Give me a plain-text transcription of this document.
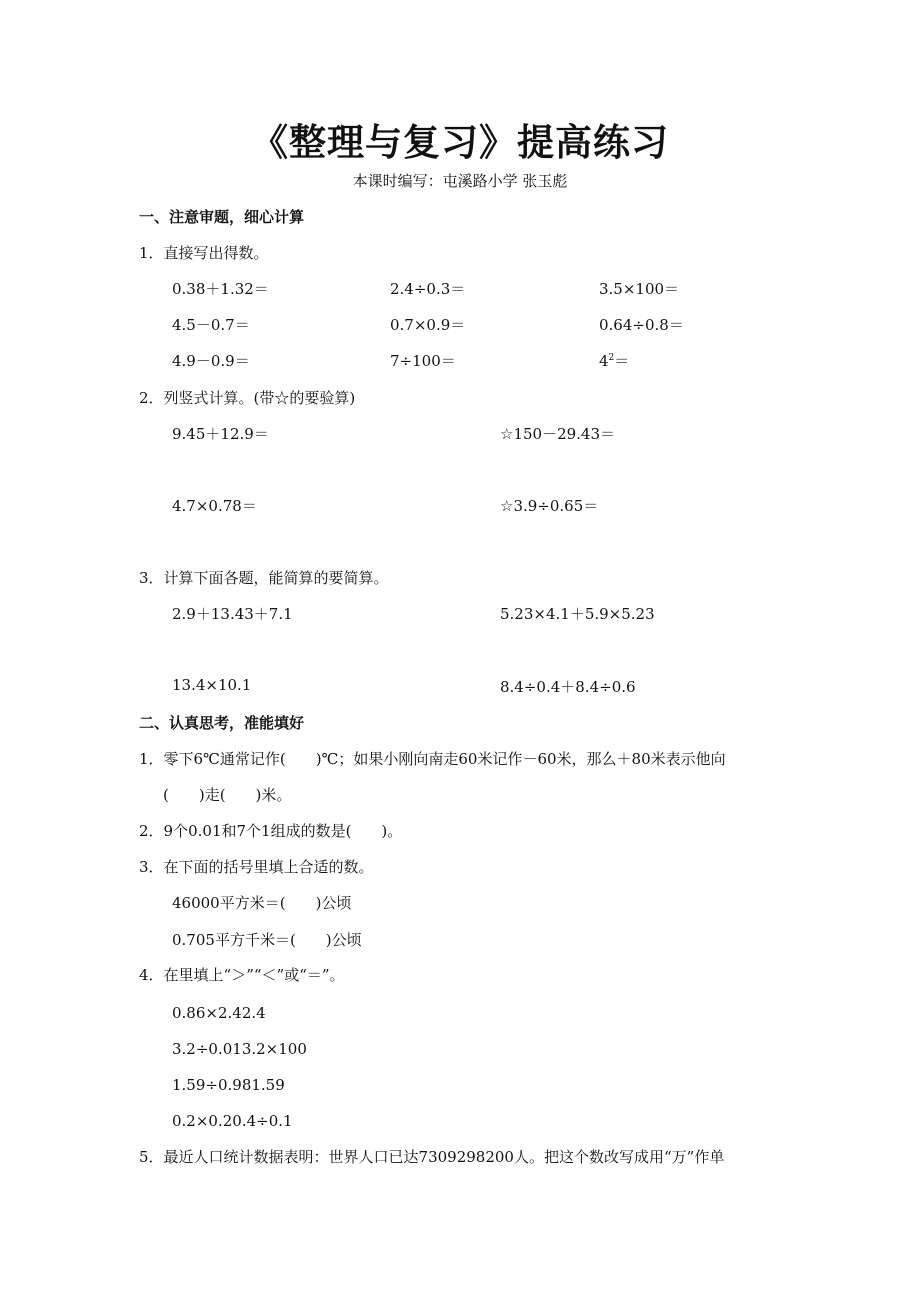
《整理与复习》提高练习
本课时编写：屯溪路小学 张玉彪
一、注意审题，细心计算
1．直接写出得数。
0.38＋1.32＝	2.4÷0.3＝	3.5×100＝
4.5－0.7＝	0.7×0.9＝	0.64÷0.8＝
4.9－0.9＝	7÷100＝	$4^2=$
2．列竖式计算。(带☆的要验算)
9.45＋12.9＝	☆150－29.43＝
4.7×0.78＝	☆3.9÷0.65＝
3．计算下面各题，能简算的要简算。
2.9＋13.43＋7.1	5.23×4.1＋5.9×5.23
13.4×10.1	8.4÷0.4＋8.4÷0.6
二、认真思考，准能填好
1．零下6℃通常记作(　　)℃；如果小刚向南走60米记作－60米，那么＋80米表示他向
(　　)走(　　)米。
2．9个0.01和7个1组成的数是(　　)。
3．在下面的括号里填上合适的数。
46000平方米＝(　　)公顷
0.705平方千米＝(　　)公顷
4．在里填上“＞”“＜”或“＝”。
0.86×2.42.4
3.2÷0.013.2×100
1.59÷0.981.59
0.2×0.20.4÷0.1
5．最近人口统计数据表明：世界人口已达7309298200人。把这个数改写成用“万”作单
